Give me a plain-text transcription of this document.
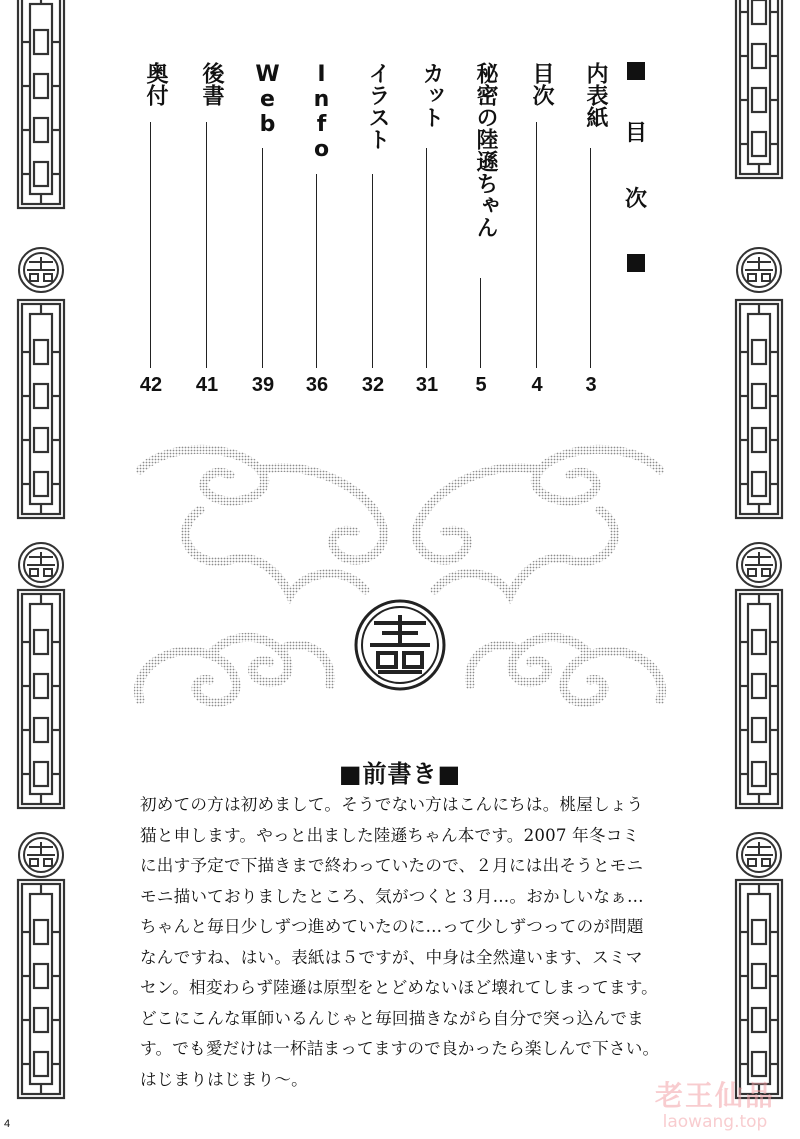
目
次
内表紙
3
目次
4
秘密の陸遜ちゃん
5
カット
31
イラスト
32
Info
36
Web
39
後書
41
奥付
42
■前書き■
初めての方は初めまして。そうでない方はこんにちは。桃屋しょう
猫と申します。やっと出ました陸遜ちゃん本です。2007 年冬コミ
に出す予定で下描きまで終わっていたので、２月には出そうとモニ
モニ描いておりましたところ、気がつくと３月…。おかしいなぁ…
ちゃんと毎日少しずつ進めていたのに…って少しずつってのが問題
なんですね、はい。表紙は５ですが、中身は全然違います、スミマ
セン。相変わらず陸遜は原型をとどめないほど壊れてしまってます。
どこにこんな軍師いるんじゃと毎回描きながら自分で突っ込んでま
す。でも愛だけは一杯詰まってますので良かったら楽しんで下さい。
はじまりはじまり～。
4
老王仙品
laowang.top
